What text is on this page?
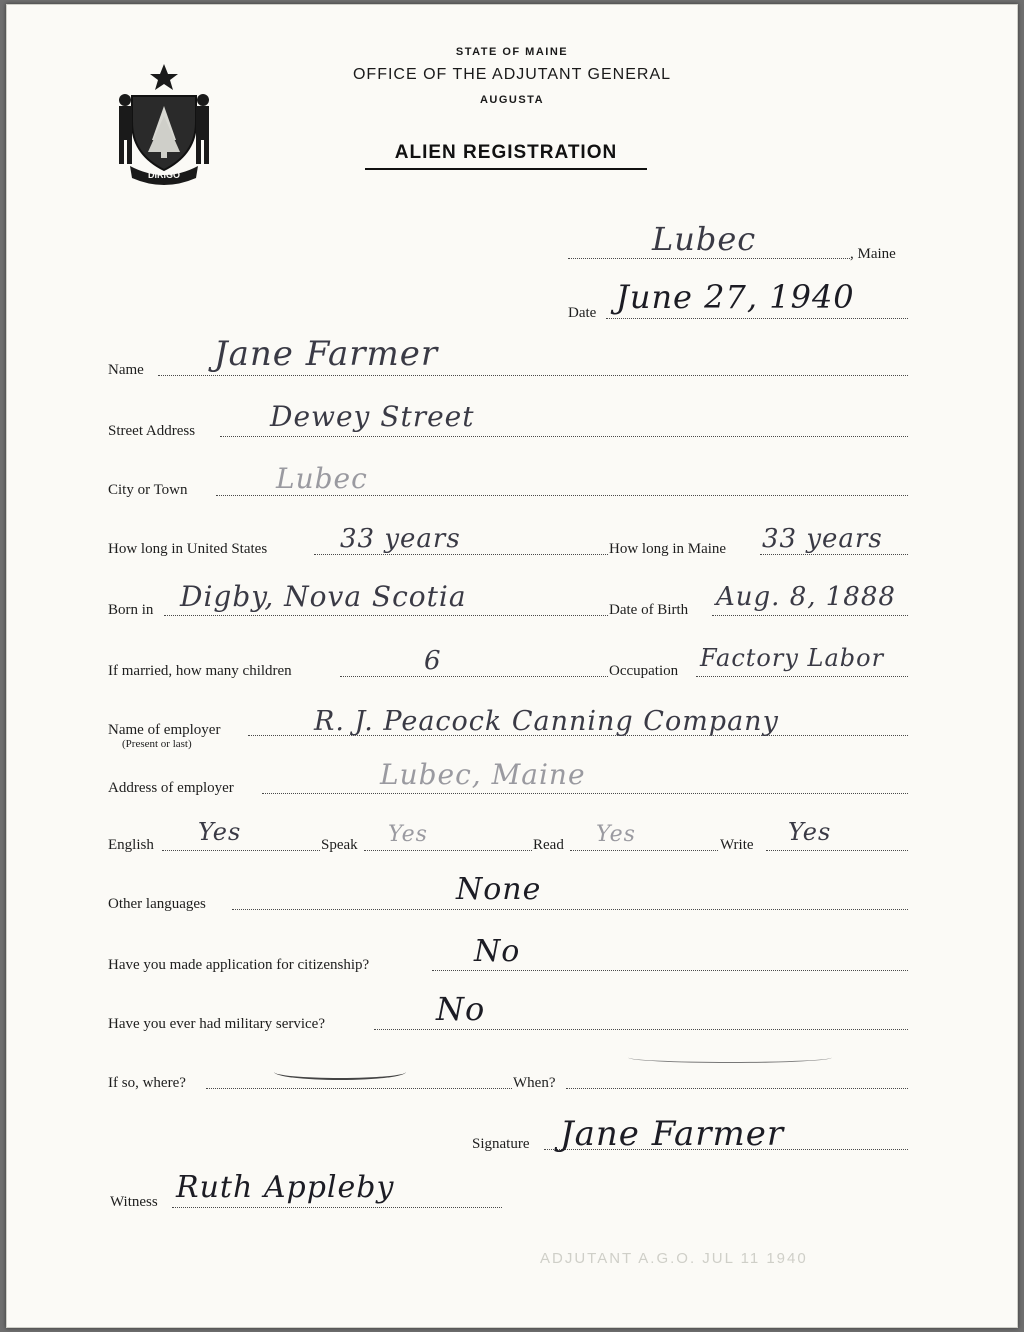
DIRIGO
STATE OF MAINE
OFFICE OF THE ADJUTANT GENERAL
AUGUSTA
ALIEN REGISTRATION
Lubec	, Maine
Date June 27, 1940
Name Jane Farmer
Street Address	Dewey Street
City or Town	Lubec
How long in United States	33 years	How long in Maine 33 years
Born in Digby, Nova Scotia	Date of Birth Aug. 8, 1888
If married, how many children	6	Occupation Factory Labor
Name of employer
(Present or last)
R. J. Peacock Canning Company
Address of employer	Lubec, Maine
English Yes	Speak Yes	Read Yes	Write Yes
Other languages	None
Have you made application for citizenship?	No
Have you ever had military service?	No
If so, where?	When?
Signature Jane Farmer
Witness Ruth Appleby
ADJUTANT A.G.O. JUL 11 1940
